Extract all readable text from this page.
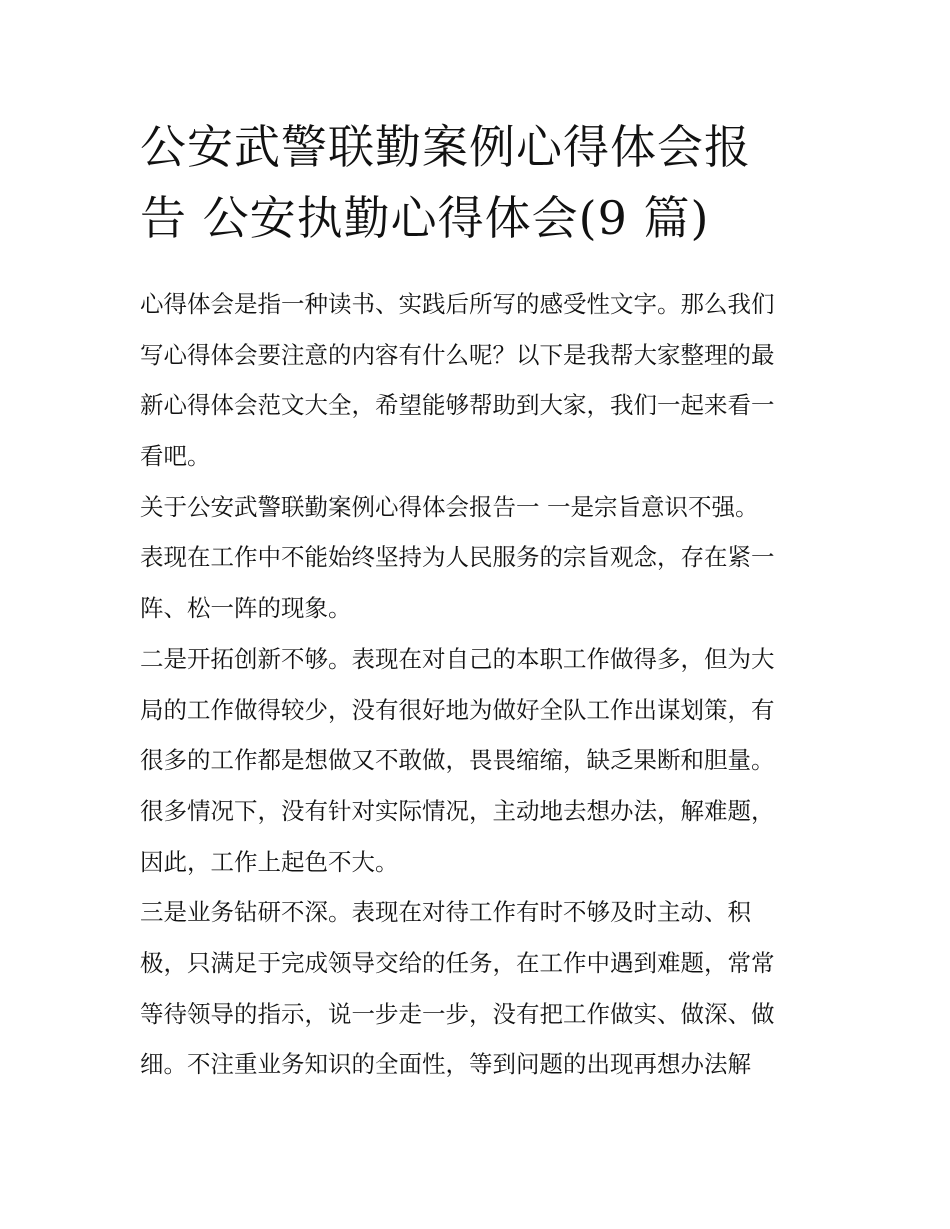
公安武警联勤案例心得体会报
告 公安执勤心得体会(9 篇)
心得体会是指一种读书、实践后所写的感受性文字。那么我们
写心得体会要注意的内容有什么呢？以下是我帮大家整理的最
新心得体会范文大全，希望能够帮助到大家，我们一起来看一
看吧。
关于公安武警联勤案例心得体会报告一 一是宗旨意识不强。
表现在工作中不能始终坚持为人民服务的宗旨观念，存在紧一
阵、松一阵的现象。
二是开拓创新不够。表现在对自己的本职工作做得多，但为大
局的工作做得较少，没有很好地为做好全队工作出谋划策，有
很多的工作都是想做又不敢做，畏畏缩缩，缺乏果断和胆量。
很多情况下，没有针对实际情况，主动地去想办法，解难题，
因此，工作上起色不大。
三是业务钻研不深。表现在对待工作有时不够及时主动、积
极，只满足于完成领导交给的任务，在工作中遇到难题，常常
等待领导的指示，说一步走一步，没有把工作做实、做深、做
细。不注重业务知识的全面性，等到问题的出现再想办法解
